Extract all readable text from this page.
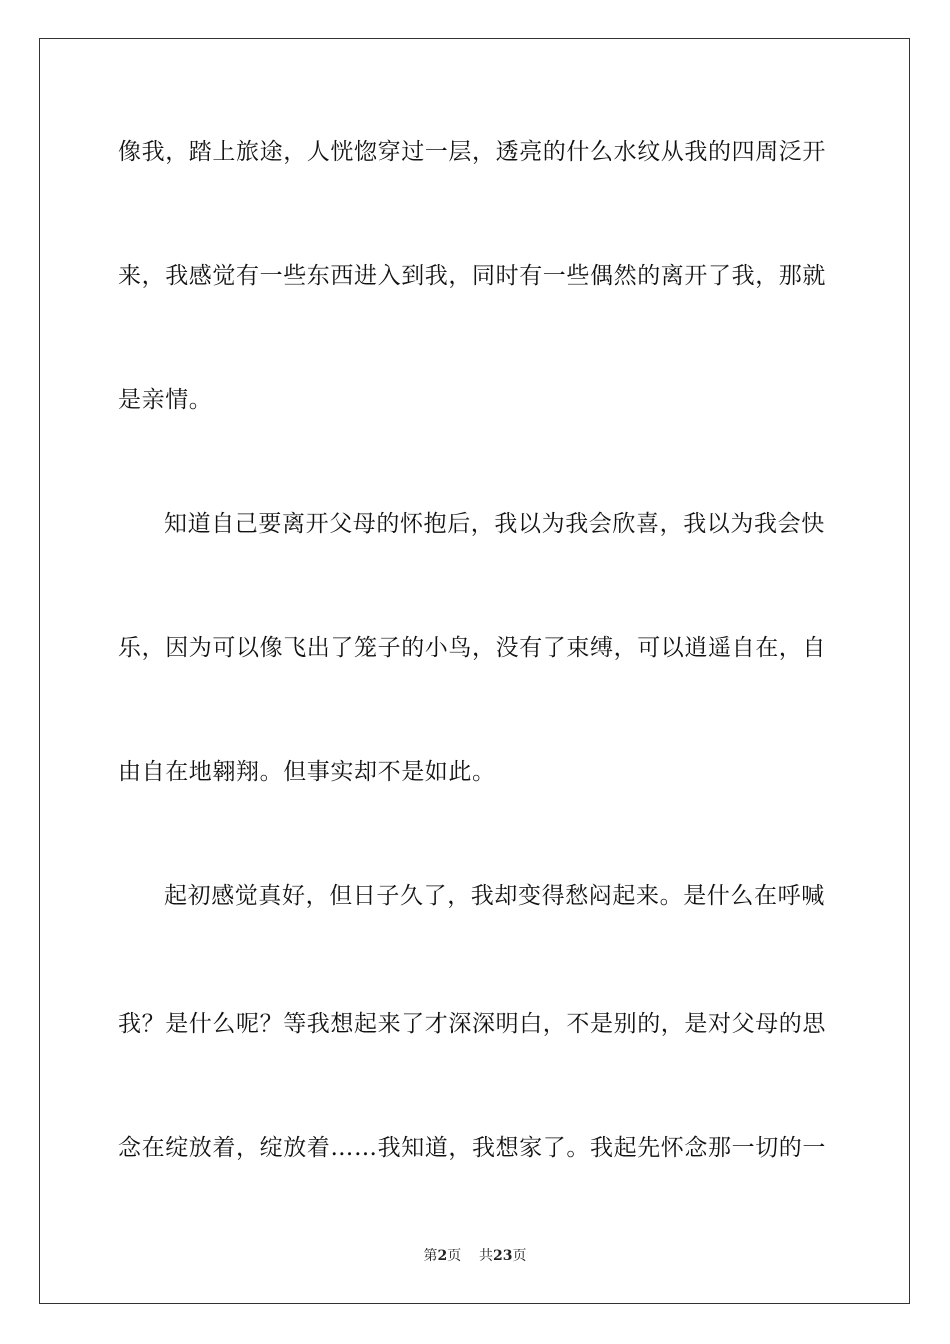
像我，踏上旅途，人恍惚穿过一层，透亮的什么水纹从我的四周泛开
来，我感觉有一些东西进入到我，同时有一些偶然的离开了我，那就
是亲情。
知道自己要离开父母的怀抱后，我以为我会欣喜，我以为我会快
乐，因为可以像飞出了笼子的小鸟，没有了束缚，可以逍遥自在，自
由自在地翱翔。但事实却不是如此。
起初感觉真好，但日子久了，我却变得愁闷起来。是什么在呼喊
我？是什么呢？等我想起来了才深深明白，不是别的，是对父母的思
念在绽放着，绽放着……我知道，我想家了。我起先怀念那一切的一
第2页 共23页
